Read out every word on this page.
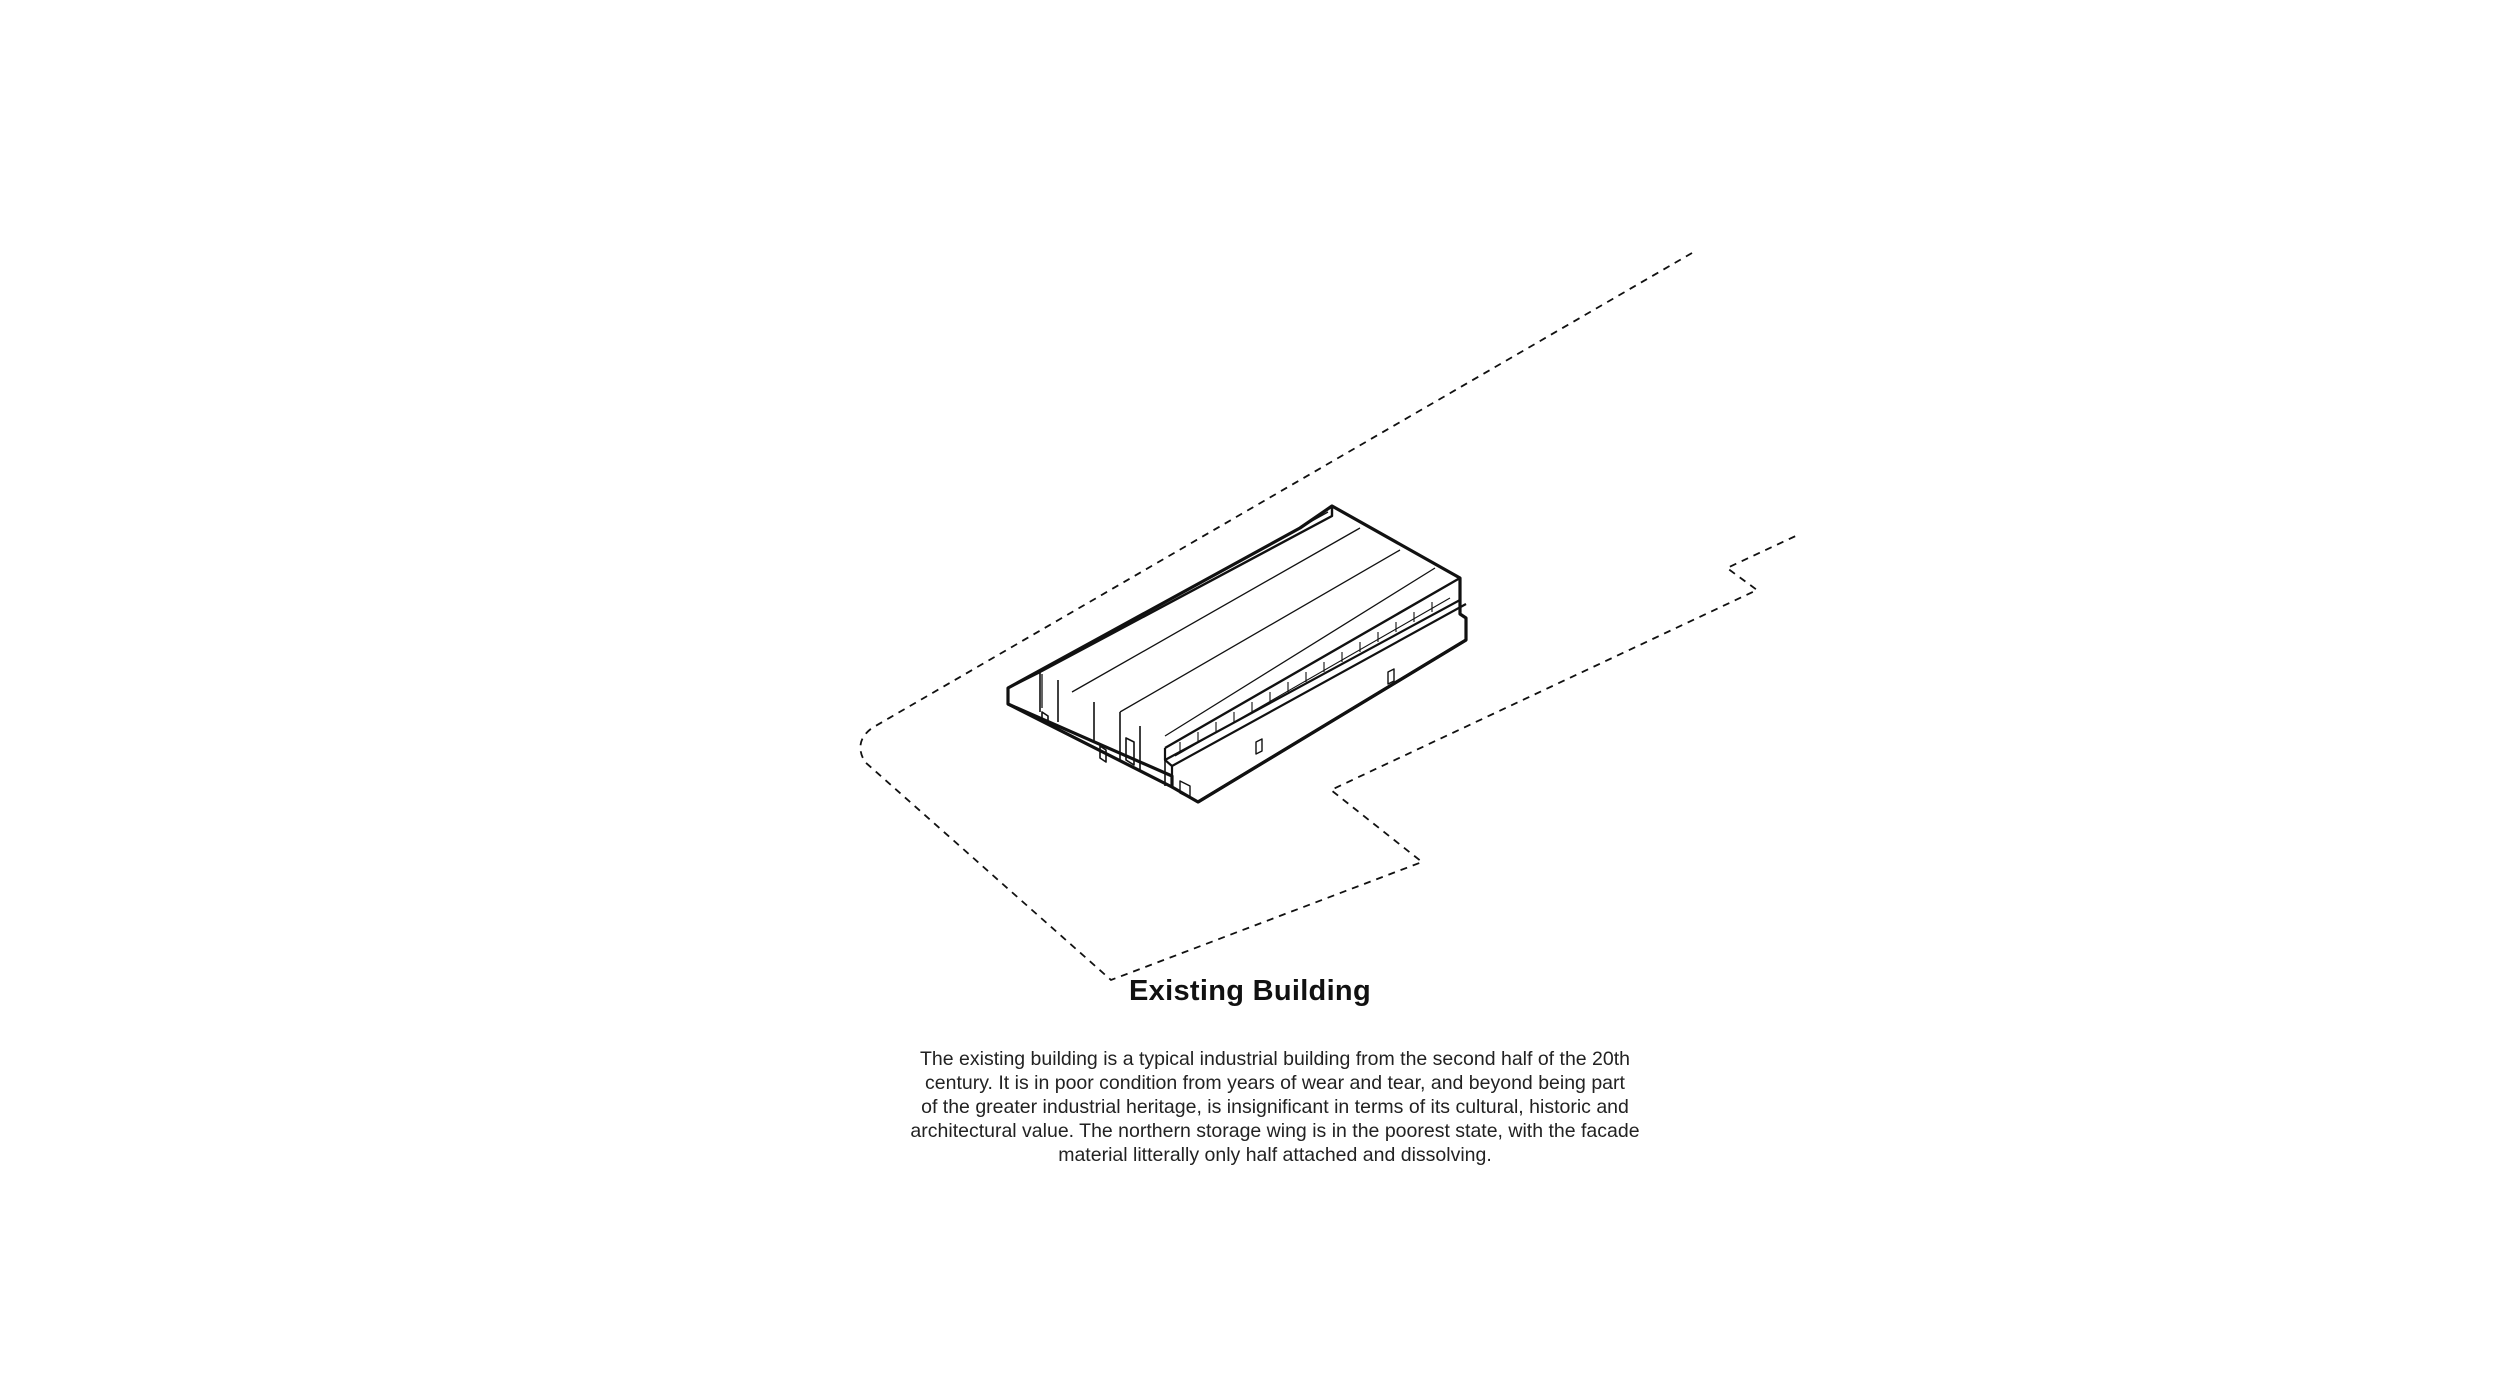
Existing Building
The existing building is a typical industrial building from the second half of the 20th
century. It is in poor condition from years of wear and tear, and beyond being part
of the greater industrial heritage, is insignificant in terms of its cultural, historic and
architectural value. The northern storage wing is in the poorest state, with the facade
material litterally only half attached and dissolving.
